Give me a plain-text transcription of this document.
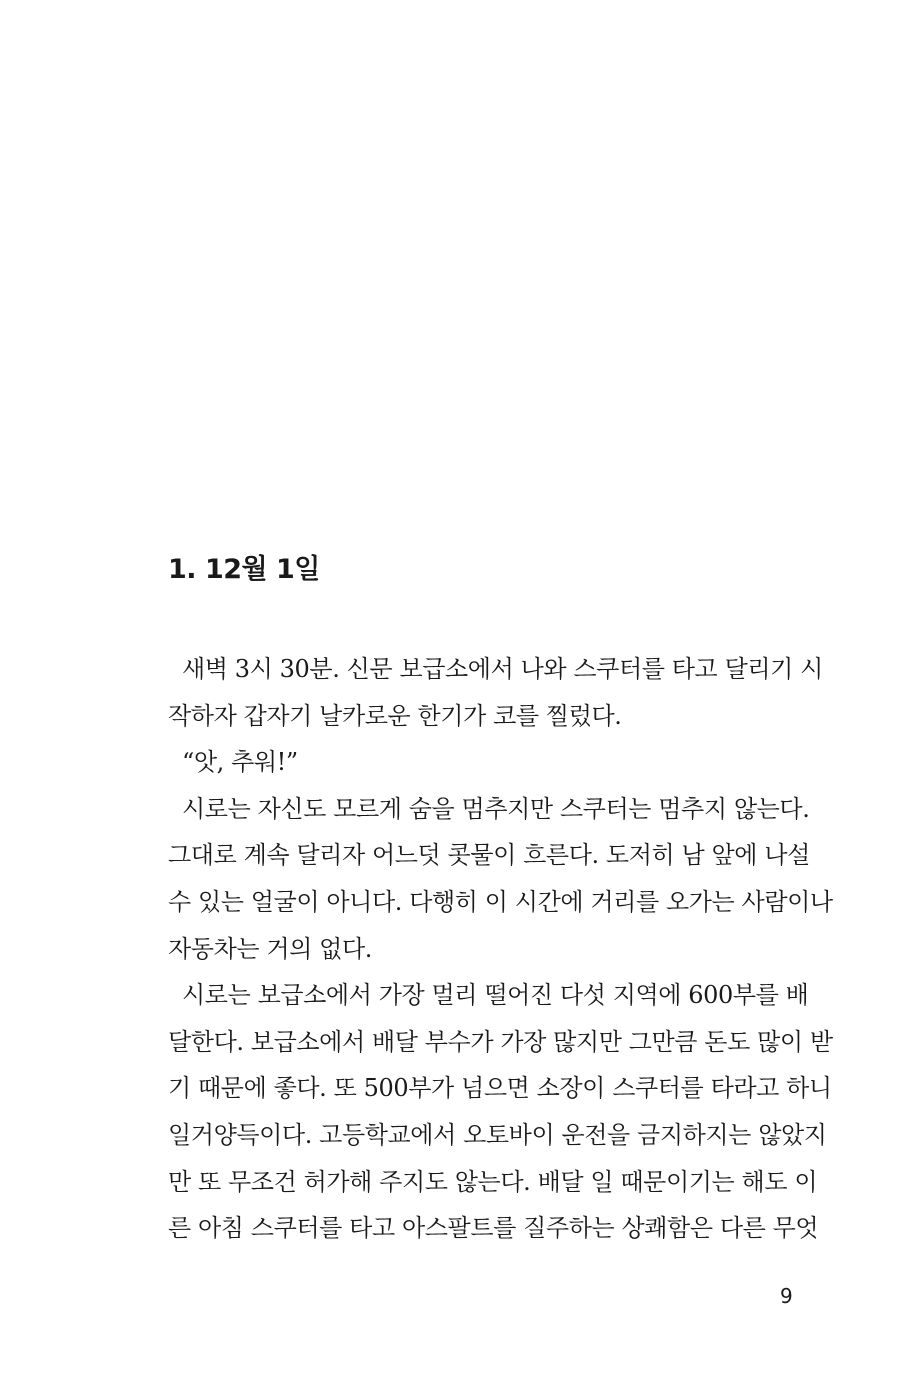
1. 12월 1일

새벽 3시 30분. 신문 보급소에서 나와 스쿠터를 타고 달리기 시

작하자 갑자기 날카로운 한기가 코를 찔렀다.

“앗, 추워!”

시로는 자신도 모르게 숨을 멈추지만 스쿠터는 멈추지 않는다.

그대로 계속 달리자 어느덧 콧물이 흐른다. 도저히 남 앞에 나설

수 있는 얼굴이 아니다. 다행히 이 시간에 거리를 오가는 사람이나

자동차는 거의 없다.

시로는 보급소에서 가장 멀리 떨어진 다섯 지역에 600부를 배

달한다. 보급소에서 배달 부수가 가장 많지만 그만큼 돈도 많이 받

기 때문에 좋다. 또 500부가 넘으면 소장이 스쿠터를 타라고 하니

일거양득이다. 고등학교에서 오토바이 운전을 금지하지는 않았지

만 또 무조건 허가해 주지도 않는다. 배달 일 때문이기는 해도 이

른 아침 스쿠터를 타고 아스팔트를 질주하는 상쾌함은 다른 무엇

9
